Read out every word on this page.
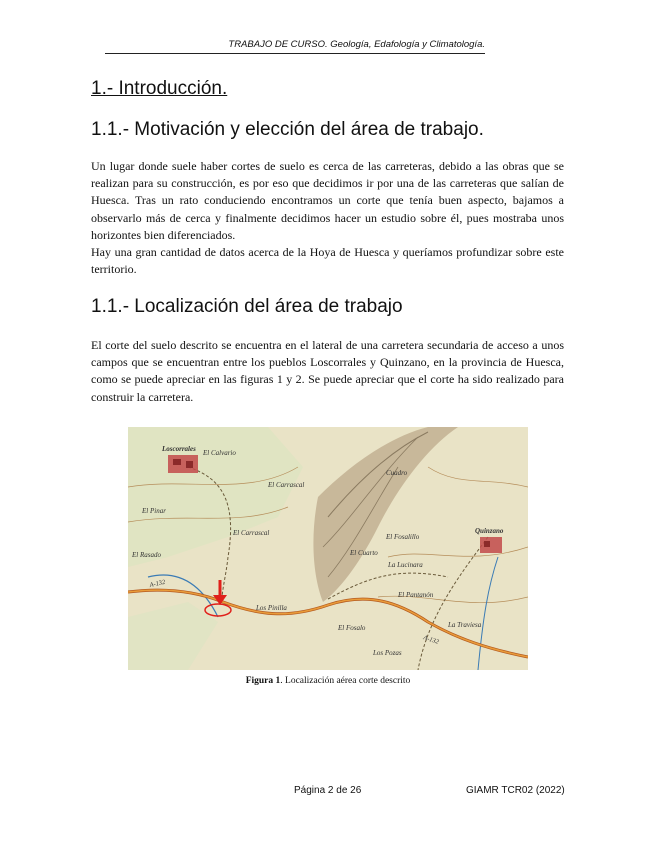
TRABAJO DE CURSO. Geología, Edafología y Climatología.
1.- Introducción.
1.1.- Motivación y elección del área de trabajo.

Un lugar donde suele haber cortes de suelo es cerca de las carreteras, debido a las obras que se realizan para su construcción, es por eso que decidimos ir por una de las carreteras que salían de Huesca. Tras un rato conduciendo encontramos un corte que tenía buen aspecto, bajamos a observarlo más de cerca y finalmente decidimos hacer un estudio sobre él, pues mostraba unos horizontes bien diferenciados.

Hay una gran cantidad de datos acerca de la Hoya de Huesca y queríamos profundizar sobre este territorio.

1.1.- Localización del área de trabajo

El corte del suelo descrito se encuentra en el lateral de una carretera secundaria de acceso a unos campos que se encuentran entre los pueblos Loscorrales y Quinzano, en la provincia de Huesca, como se puede apreciar en las figuras 1 y 2. Se puede apreciar que el corte ha sido realizado para construir la carretera.

Loscorrales
Quinzano
El Calvario
El Pinar
El Carrascal
El Carrascal
El Rasado
Cuadro
El Fosalillo
El Cuarto
La Lucinara
El Pantanón
Los Pinilla
El Fosalo	La Traviesa
Los Pozas
A-132
A-132
Figura 1. Localización aérea corte descrito
Página 2 de 26	GIAMR TCR02 (2022)
